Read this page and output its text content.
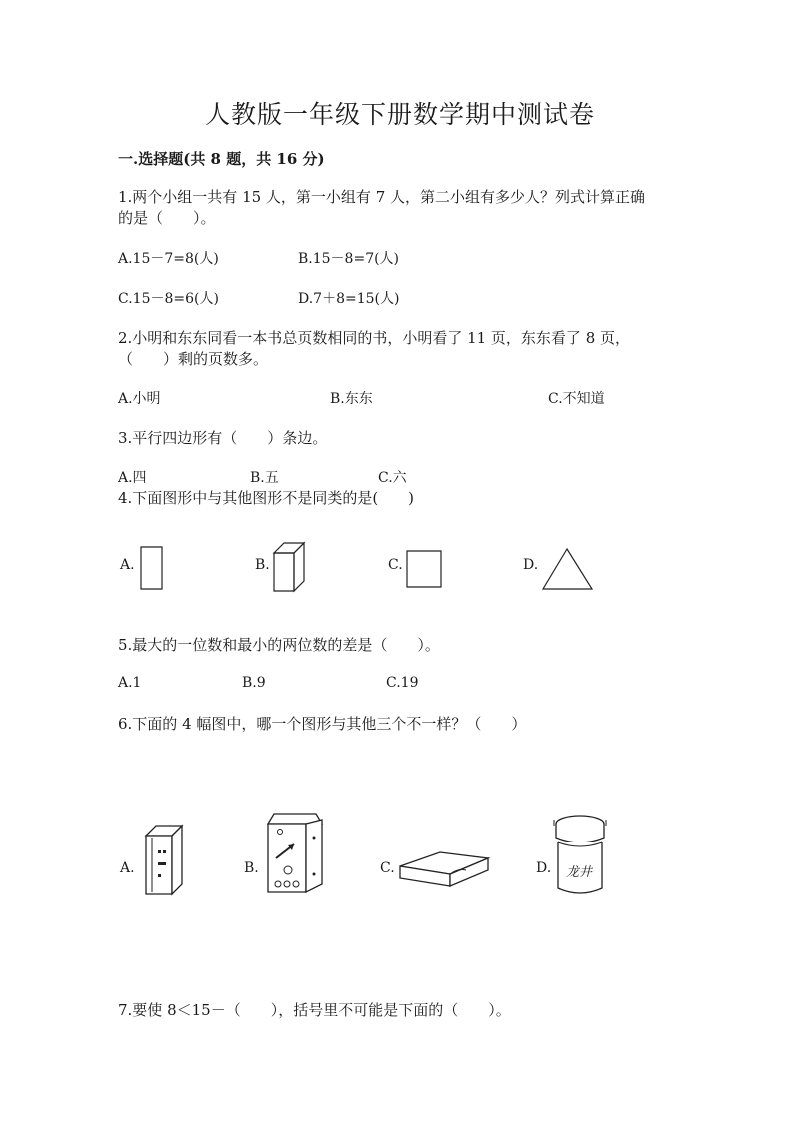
人教版一年级下册数学期中测试卷
一.选择题(共 8 题，共 16 分)
1.两个小组一共有 15 人，第一小组有 7 人，第二小组有多少人？列式计算正确
的是（　　）。
A.15－7=8(人)	B.15－8=7(人)
C.15－8=6(人)	D.7＋8=15(人)
2.小明和东东同看一本书总页数相同的书，小明看了 11 页，东东看了 8 页，
（　　）剩的页数多。
A.小明	B.东东	C.不知道
3.平行四边形有（　　）条边。
A.四	B.五	C.六
4.下面图形中与其他图形不是同类的是(　　)
A.	B.	C.	D.
5.最大的一位数和最小的两位数的差是（　　）。
A.1	B.9	C.19
6.下面的 4 幅图中，哪一个图形与其他三个不一样？（　　）
A.	B.	C.	D. 龙井
7.要使 8＜15－（　　），括号里不可能是下面的（　　）。
